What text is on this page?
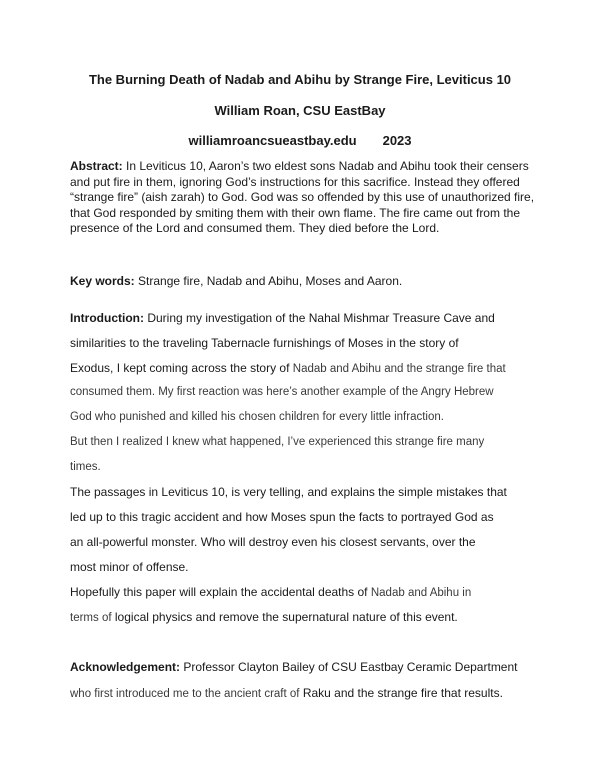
The Burning Death of Nadab and Abihu by Strange Fire, Leviticus 10
William Roan, CSU EastBay
williamroancsueastbay.edu 2023
Abstract: In Leviticus 10, Aaron’s two eldest sons Nadab and Abihu took their censers and put fire in them, ignoring God’s instructions for this sacrifice. Instead they offered “strange fire” (aish zarah) to God. God was so offended by this use of unauthorized fire, that God responded by smiting them with their own flame. The fire came out from the presence of the Lord and consumed them. They died before the Lord.
Key words: Strange fire, Nadab and Abihu, Moses and Aaron.
Introduction: During my investigation of the Nahal Mishmar Treasure Cave and
similarities to the traveling Tabernacle furnishings of Moses in the story of
Exodus, I kept coming across the story of Nadab and Abihu and the strange fire that
consumed them. My first reaction was here’s another example of the Angry Hebrew
God who punished and killed his chosen children for every little infraction.
But then I realized I knew what happened, I’ve experienced this strange fire many
times.
The passages in Leviticus 10, is very telling, and explains the simple mistakes that
led up to this tragic accident and how Moses spun the facts to portrayed God as
an all-powerful monster. Who will destroy even his closest servants, over the
most minor of offense.
Hopefully this paper will explain the accidental deaths of Nadab and Abihu in
terms of logical physics and remove the supernatural nature of this event.
Acknowledgement: Professor Clayton Bailey of CSU Eastbay Ceramic Department
who first introduced me to the ancient craft of Raku and the strange fire that results.
